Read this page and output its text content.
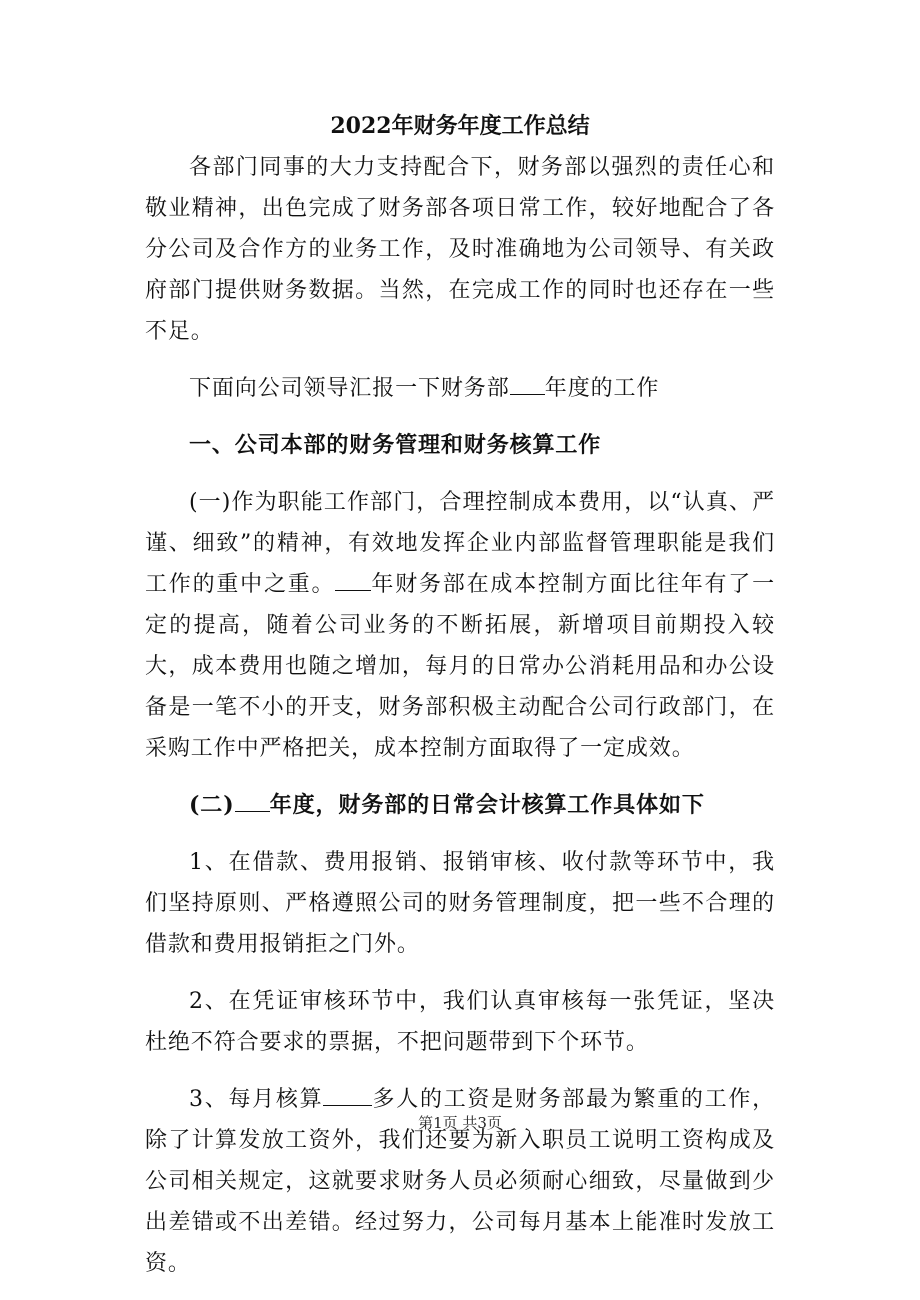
2022年财务年度工作总结

各部门同事的大力支持配合下，财务部以强烈的责任心和敬业精神，出色完成了财务部各项日常工作，较好地配合了各分公司及合作方的业务工作，及时准确地为公司领导、有关政府部门提供财务数据。当然，在完成工作的同时也还存在一些不足。

下面向公司领导汇报一下财务部 年度的工作

一、公司本部的财务管理和财务核算工作

(一)作为职能工作部门，合理控制成本费用，以“认真、严谨、细致”的精神，有效地发挥企业内部监督管理职能是我们工作的重中之重。 年财务部在成本控制方面比往年有了一定的提高，随着公司业务的不断拓展，新增项目前期投入较大，成本费用也随之增加，每月的日常办公消耗用品和办公设备是一笔不小的开支，财务部积极主动配合公司行政部门，在采购工作中严格把关，成本控制方面取得了一定成效。

(二) 年度，财务部的日常会计核算工作具体如下

1、在借款、费用报销、报销审核、收付款等环节中，我们坚持原则、严格遵照公司的财务管理制度，把一些不合理的借款和费用报销拒之门外。

2、在凭证审核环节中，我们认真审核每一张凭证，坚决杜绝不符合要求的票据，不把问题带到下个环节。

3、每月核算 多人的工资是财务部最为繁重的工作，除了计算发放工资外，我们还要为新入职员工说明工资构成及公司相关规定，这就要求财务人员必须耐心细致，尽量做到少出差错或不出差错。经过努力，公司每月基本上能准时发放工资。

第1页 共3页
